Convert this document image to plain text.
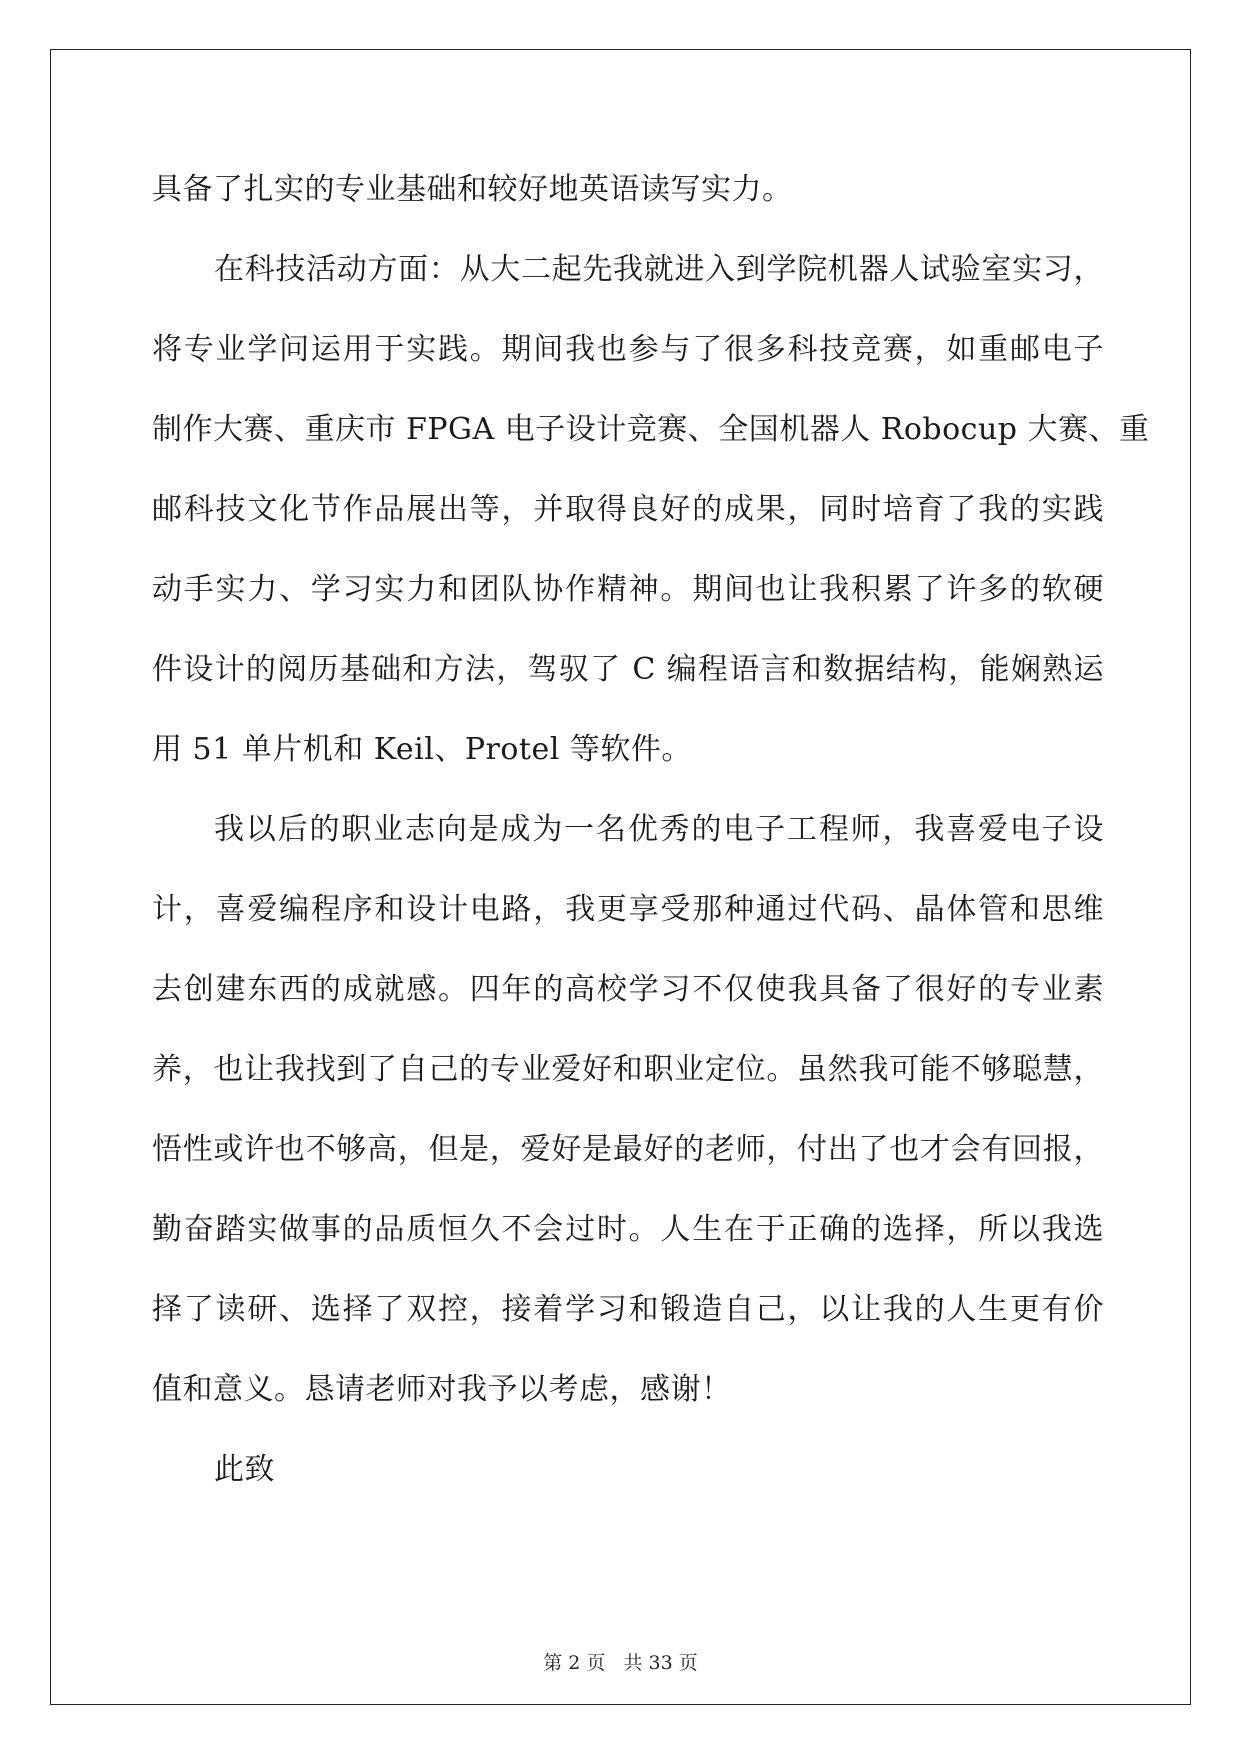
具备了扎实的专业基础和较好地英语读写实力。
在科技活动方面：从大二起先我就进入到学院机器人试验室实习，
将专业学问运用于实践。期间我也参与了很多科技竞赛，如重邮电子
制作大赛、重庆市 FPGA 电子设计竞赛、全国机器人 Robocup 大赛、重
邮科技文化节作品展出等，并取得良好的成果，同时培育了我的实践
动手实力、学习实力和团队协作精神。期间也让我积累了许多的软硬
件设计的阅历基础和方法，驾驭了 C 编程语言和数据结构，能娴熟运
用 51 单片机和 Keil、Protel 等软件。
我以后的职业志向是成为一名优秀的电子工程师，我喜爱电子设
计，喜爱编程序和设计电路，我更享受那种通过代码、晶体管和思维
去创建东西的成就感。四年的高校学习不仅使我具备了很好的专业素
养，也让我找到了自己的专业爱好和职业定位。虽然我可能不够聪慧，
悟性或许也不够高，但是，爱好是最好的老师，付出了也才会有回报，
勤奋踏实做事的品质恒久不会过时。人生在于正确的选择，所以我选
择了读研、选择了双控，接着学习和锻造自己，以让我的人生更有价
值和意义。恳请老师对我予以考虑，感谢！
此致
第 2 页 共 33 页
